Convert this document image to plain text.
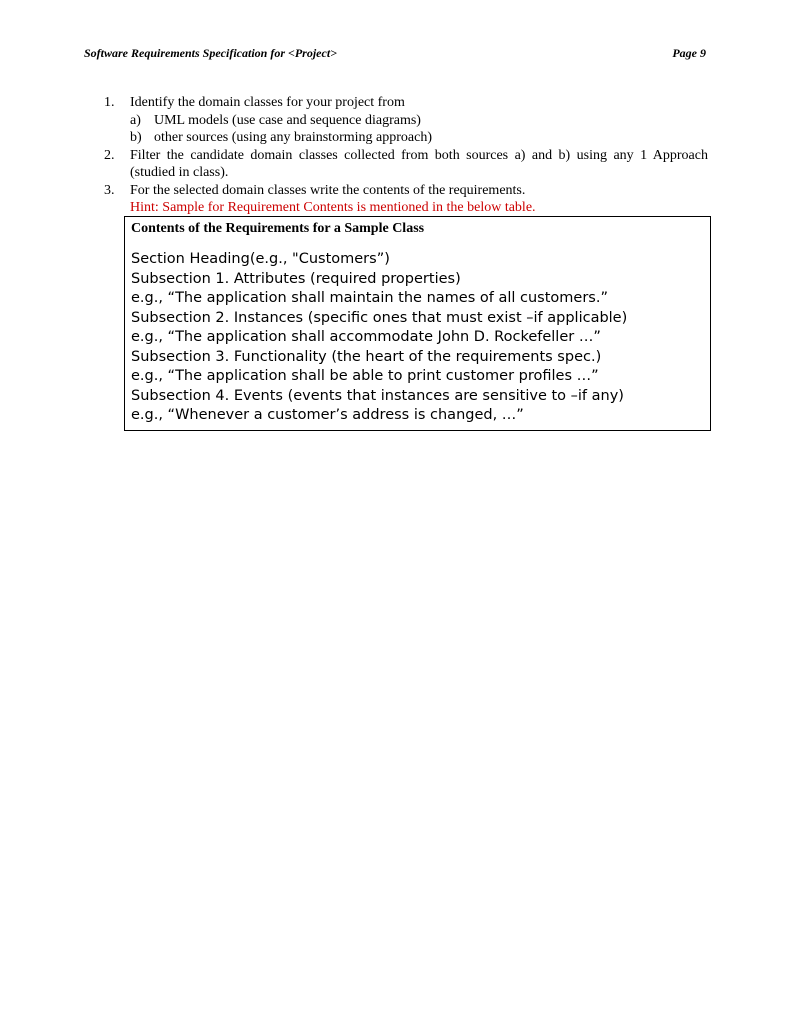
Software Requirements Specification for <Project>	Page 9
1. Identify the domain classes for your project from
a) UML models (use case and sequence diagrams)
b) other sources (using any brainstorming approach)
2. Filter the candidate domain classes collected from both sources a) and b) using any 1 Approach (studied in class).
3. For the selected domain classes write the contents of the requirements.
Hint: Sample for Requirement Contents is mentioned in the below table.
Contents of the Requirements for a Sample Class
Section Heading(e.g., "Customers”)
Subsection 1. Attributes (required properties)
e.g., “The application shall maintain the names of all customers.”
Subsection 2. Instances (specific ones that must exist –if applicable)
e.g., “The application shall accommodate John D. Rockefeller …”
Subsection 3. Functionality (the heart of the requirements spec.)
e.g., “The application shall be able to print customer profiles …”
Subsection 4. Events (events that instances are sensitive to –if any)
e.g., “Whenever a customer’s address is changed, …”
